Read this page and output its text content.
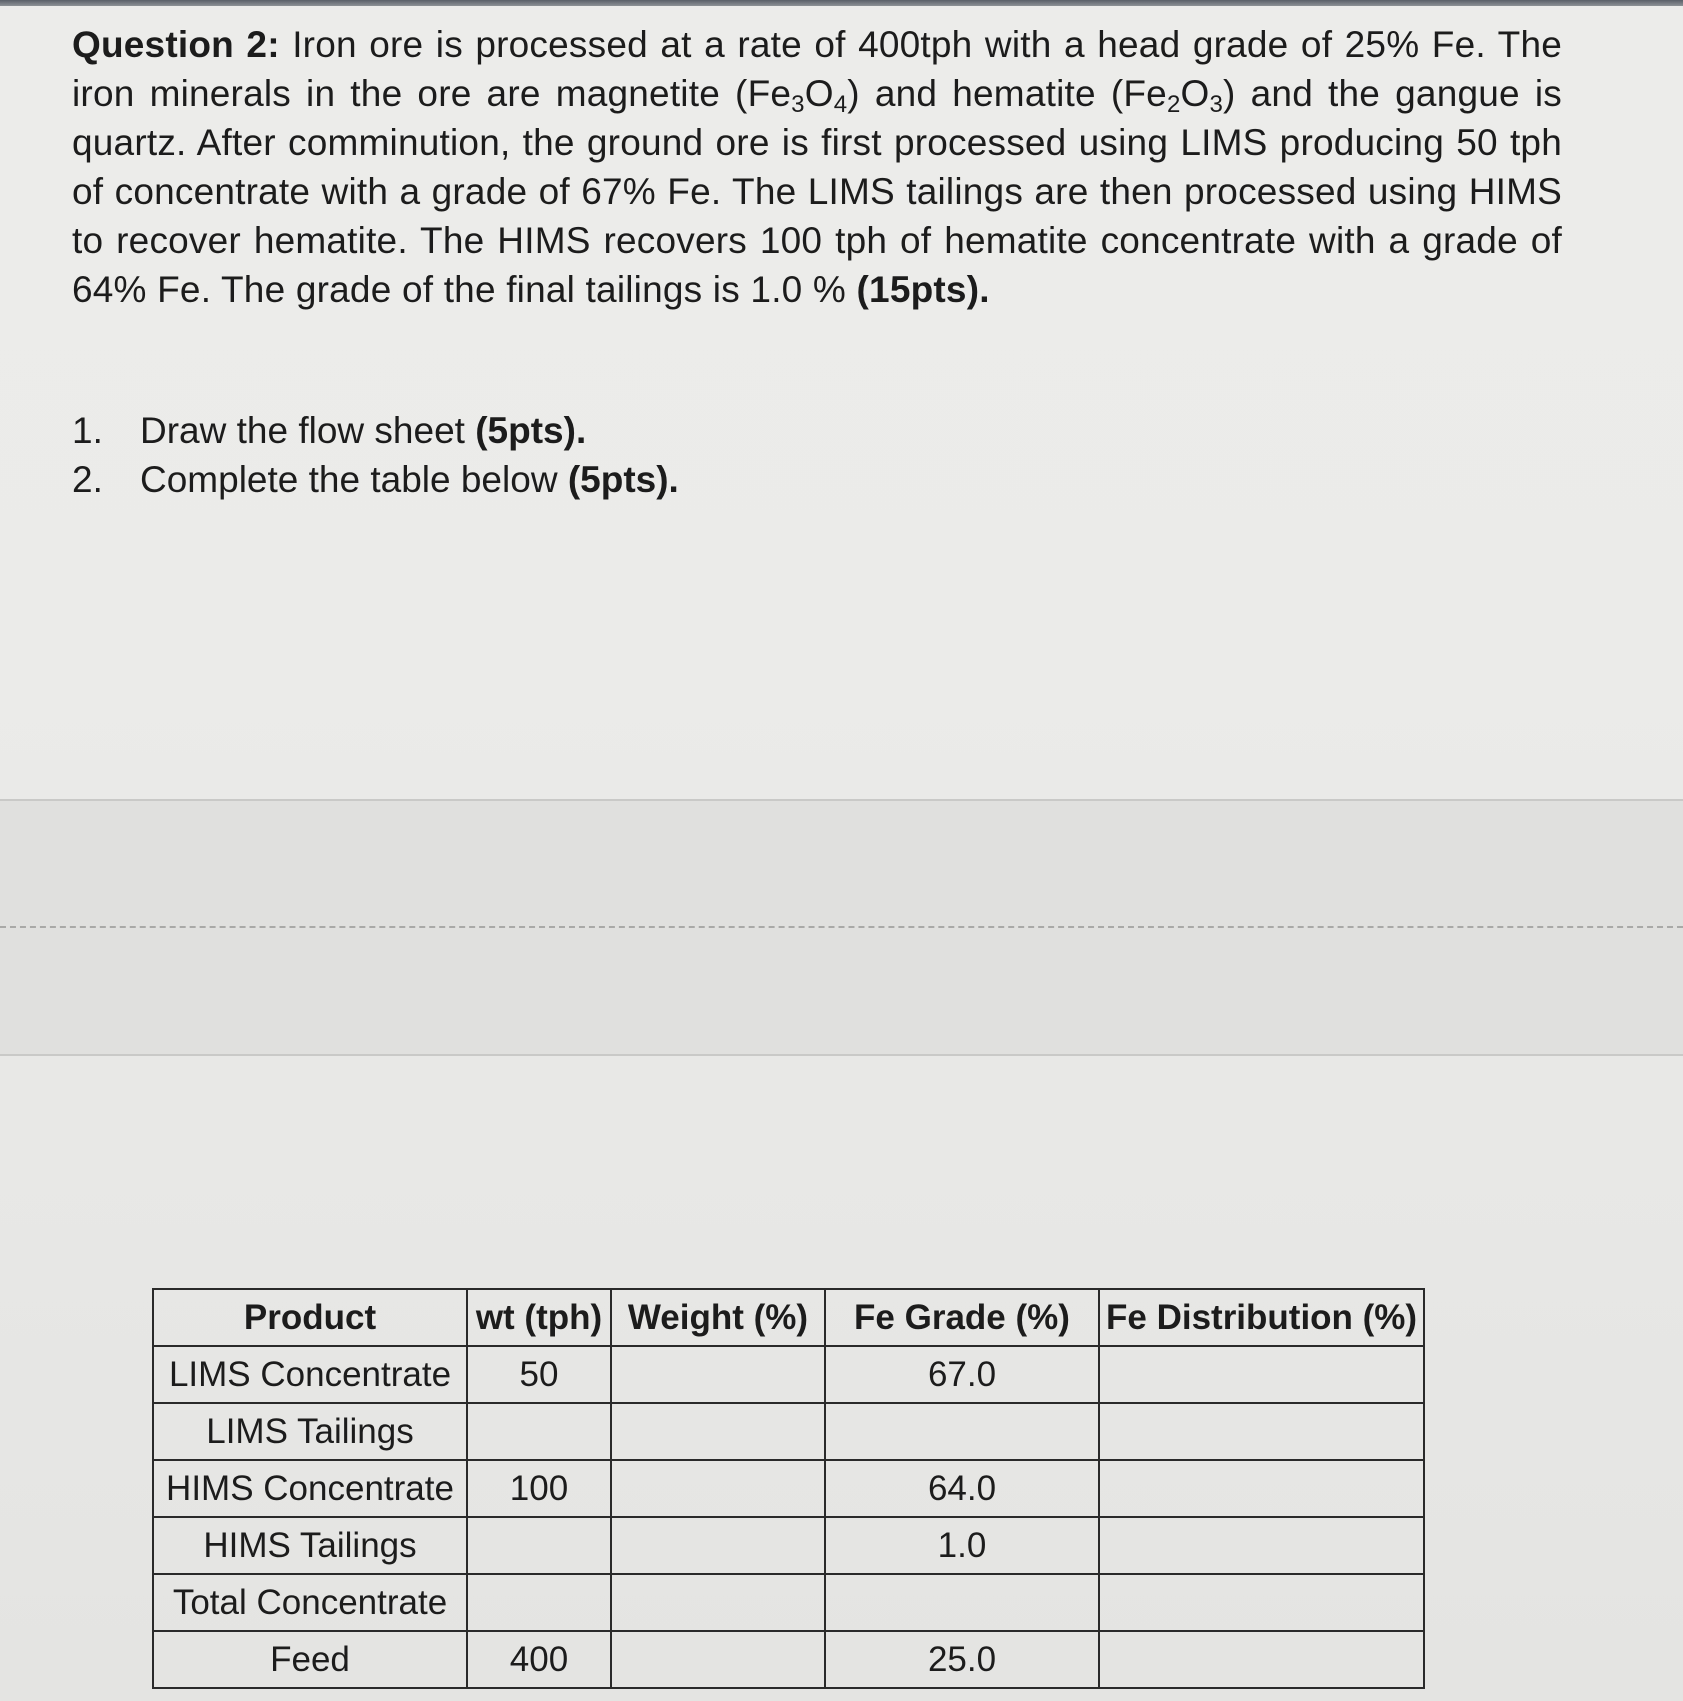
Question 2: Iron ore is processed at a rate of 400tph with a head grade of 25% Fe. The iron minerals in the ore are magnetite $(Fe_3O_4)$ and hematite $(Fe_2O_3)$ and the gangue is quartz. After comminution, the ground ore is first processed using LIMS producing 50 tph of concentrate with a grade of 67% Fe. The LIMS tailings are then processed using HIMS to recover hematite. The HIMS recovers 100 tph of hematite concentrate with a grade of 64% Fe. The grade of the final tailings is 1.0 % (15pts).

1.	Draw the flow sheet (5pts).
2.	Complete the table below (5pts).
Product	wt (tph)	Weight (%)	Fe Grade (%)	Fe Distribution (%)
LIMS Concentrate	50		67.0	
LIMS Tailings				
HIMS Concentrate	100		64.0	
HIMS Tailings			1.0	
Total Concentrate				
Feed	400		25.0	
